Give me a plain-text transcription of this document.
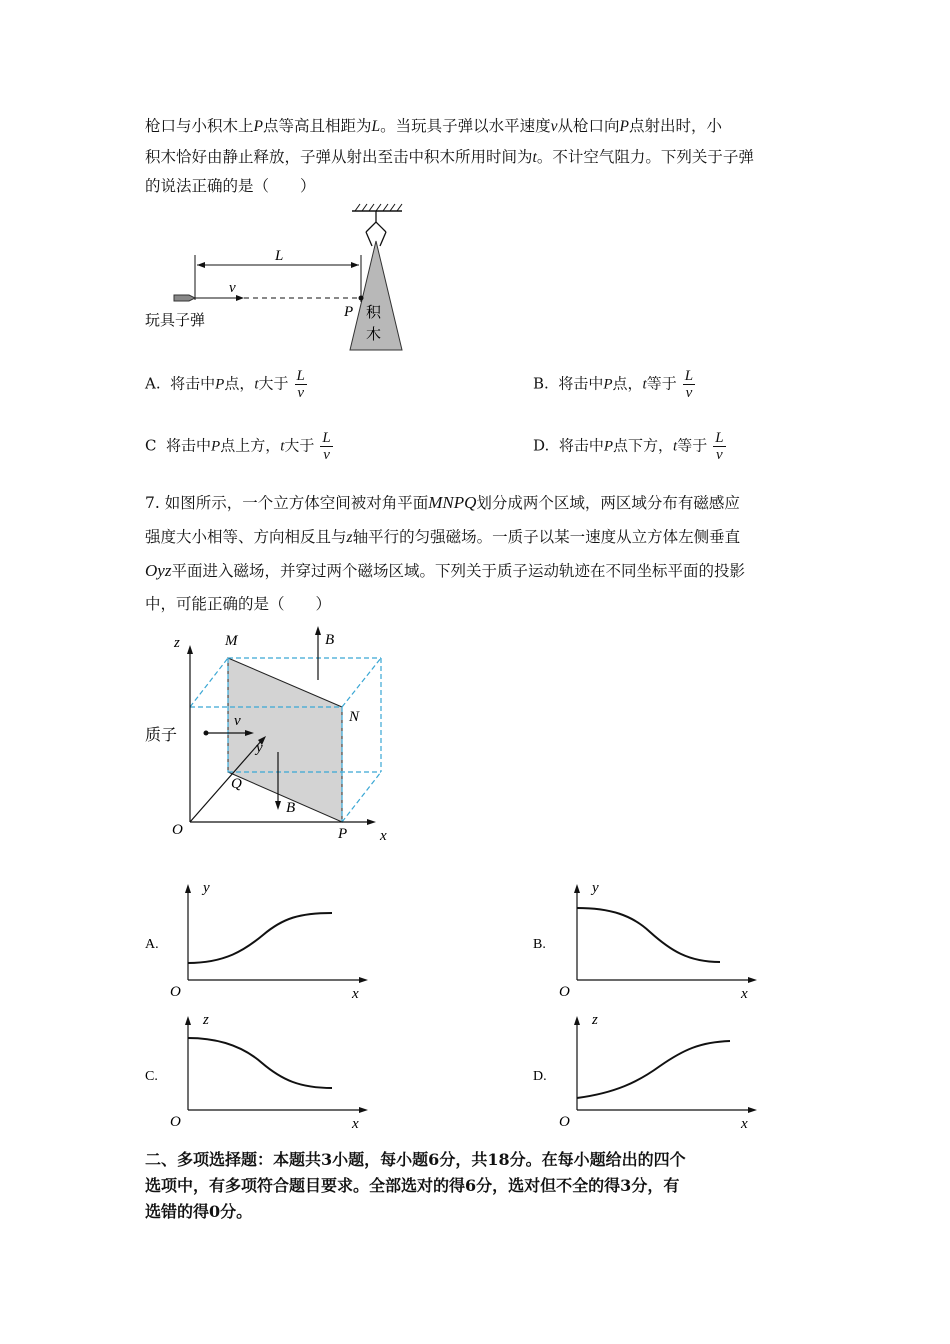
枪口与小积木上P点等高且相距为L。当玩具子弹以水平速度v从枪口向P点射出时，小
积木恰好由静止释放，子弹从射出至击中积木所用时间为t。不计空气阻力。下列关于子弹
的说法正确的是（　　）
积
木
L
v
P
玩具子弹
A. 将击中P点，t大于 $\frac{L}{v}$	B. 将击中P点，t等于 $\frac{L}{v}$
C 将击中P点上方，t大于 $\frac{L}{v}$	D. 将击中P点下方，t等于 $\frac{L}{v}$
7. 如图所示，一个立方体空间被对角平面MNPQ划分成两个区域，两区域分布有磁感应
强度大小相等、方向相反且与z轴平行的匀强磁场。一质子以某一速度从立方体左侧垂直
Oyz平面进入磁场，并穿过两个磁场区域。下列关于质子运动轨迹在不同坐标平面的投影
中，可能正确的是（　　）
z	M	B
N
v
质子
y
Q
B
O	P x
A.
y
x
O
B.
y
x
O
C.
z
x
O
D.
z
x
O
二、多项选择题：本题共3小题，每小题6分，共18分。在每小题给出的四个
选项中，有多项符合题目要求。全部选对的得6分，选对但不全的得3分，有
选错的得0分。
